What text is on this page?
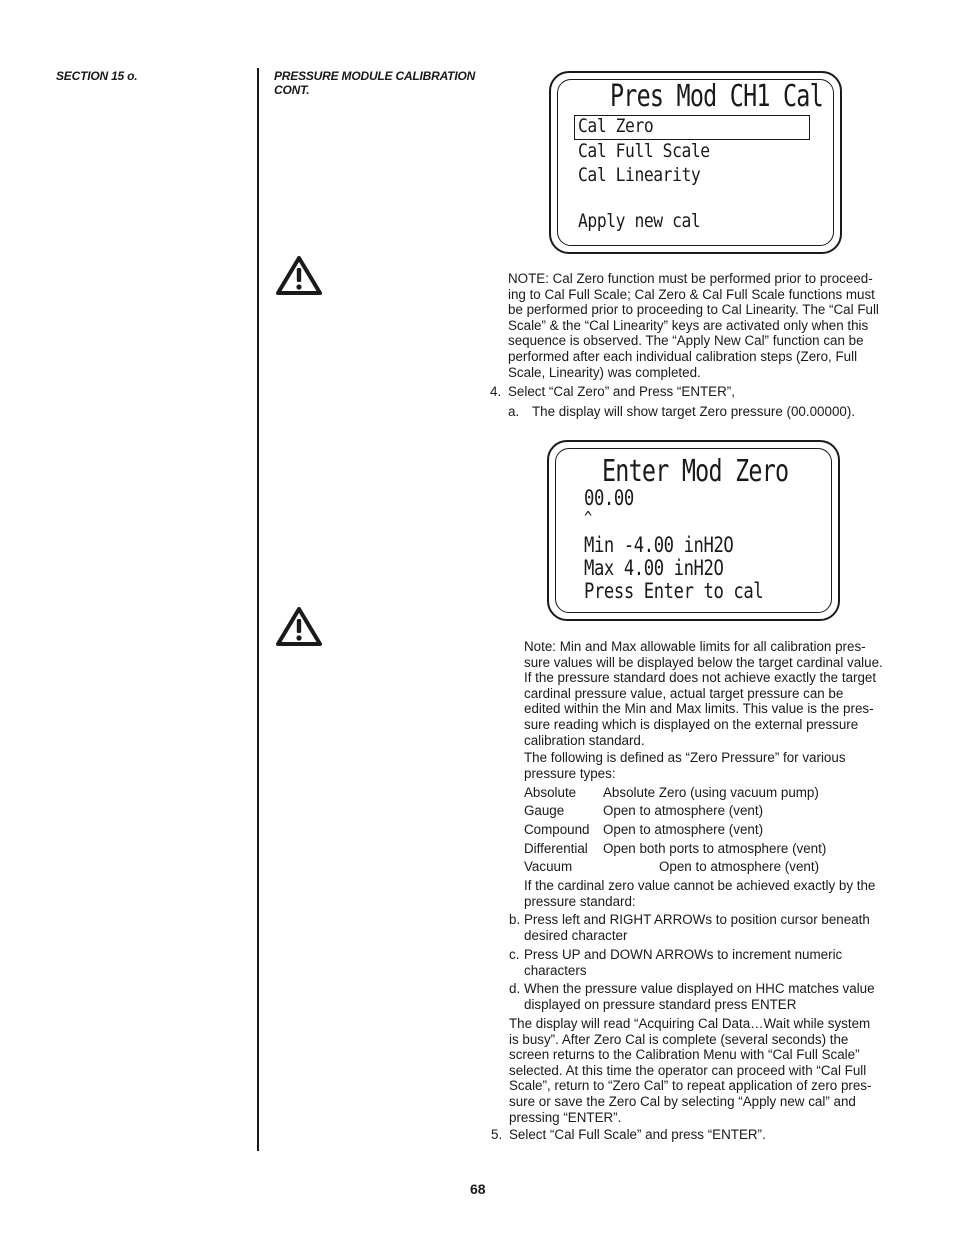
SECTION 15 o.	PRESSURE MODULE CALIBRATION
CONT.	Pres Mod CH1 Cal
Cal Zero
Cal Full Scale
Cal Linearity
Apply new cal
NOTE: Cal Zero function must be performed prior to proceed-
ing to Cal Full Scale; Cal Zero & Cal Full Scale functions must
be performed prior to proceeding to Cal Linearity. The “Cal Full
Scale” & the “Cal Linearity” keys are activated only when this
sequence is observed. The “Apply New Cal” function can be
performed after each individual calibration steps (Zero, Full
Scale, Linearity) was completed.
4. Select “Cal Zero” and Press “ENTER”,
a. The display will show target Zero pressure (00.00000).
Enter Mod Zero
00.00
^
Min -4.00 inH2O
Max 4.00 inH2O
Press Enter to cal
Note: Min and Max allowable limits for all calibration pres-
sure values will be displayed below the target cardinal value.
If the pressure standard does not achieve exactly the target
cardinal pressure value, actual target pressure can be
edited within the Min and Max limits. This value is the pres-
sure reading which is displayed on the external pressure
calibration standard.
The following is defined as “Zero Pressure” for various
pressure types:
Absolute Absolute Zero (using vacuum pump)
Gauge	Open to atmosphere (vent)
Compound Open to atmosphere (vent)
Differential Open both ports to atmosphere (vent)
Vacuum	Open to atmosphere (vent)
If the cardinal zero value cannot be achieved exactly by the
pressure standard:
b. Press left and RIGHT ARROWs to position cursor beneath
desired character
c. Press UP and DOWN ARROWs to increment numeric
characters
d. When the pressure value displayed on HHC matches value
displayed on pressure standard press ENTER
The display will read “Acquiring Cal Data…Wait while system
is busy”. After Zero Cal is complete (several seconds) the
screen returns to the Calibration Menu with “Cal Full Scale”
selected. At this time the operator can proceed with “Cal Full
Scale”, return to “Zero Cal” to repeat application of zero pres-
sure or save the Zero Cal by selecting “Apply new cal” and
pressing “ENTER”.
5. Select “Cal Full Scale” and press “ENTER”.
68
